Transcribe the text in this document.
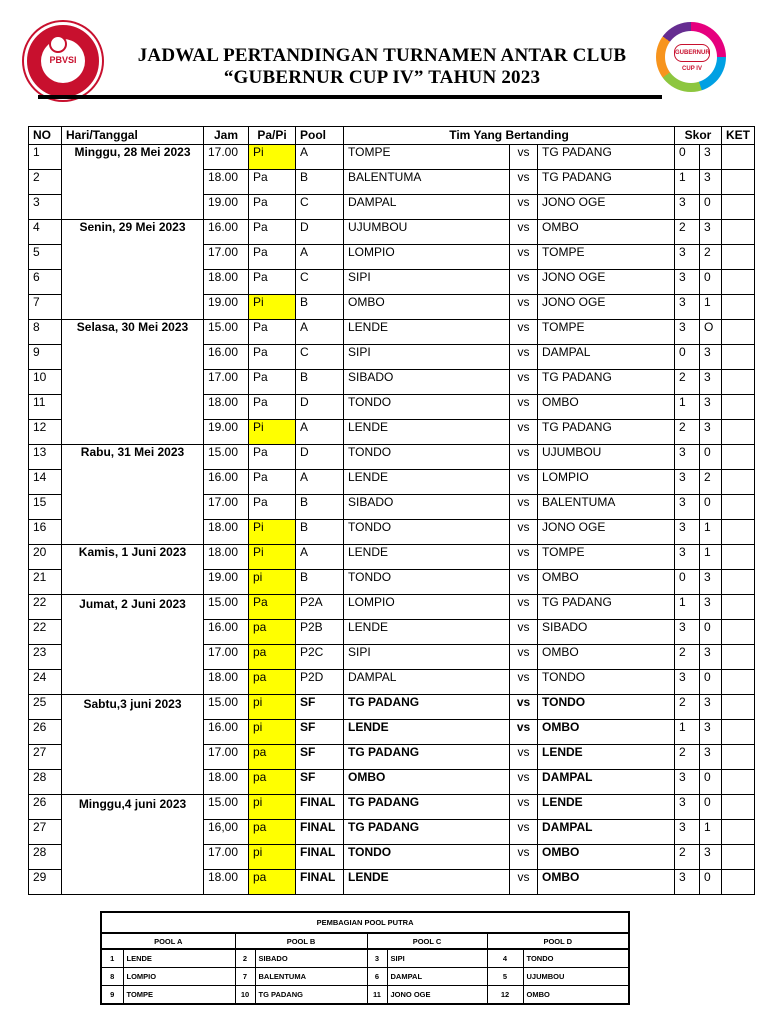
PBVSI	JADWAL PERTANDINGAN TURNAMEN ANTAR CLUB
“GUBERNUR CUP IV” TAHUN 2023
GUBERNUR CUP IV
NO	Hari/Tanggal	Jam	Pa/Pi	Pool	Tim Yang Bertanding			Skor		KET
1	Minggu, 28 Mei 2023	17.00	Pi	A	TOMPE	vs	TG PADANG	0	3	
2		18.00	Pa	B	BALENTUMA	vs	TG PADANG	1	3	
3		19.00	Pa	C	DAMPAL	vs	JONO OGE	3	0	
4	Senin, 29 Mei 2023	16.00	Pa	D	UJUMBOU	vs	OMBO	2	3	
5		17.00	Pa	A	LOMPIO	vs	TOMPE	3	2	
6		18.00	Pa	C	SIPI	vs	JONO OGE	3	0	
7		19.00	Pi	B	OMBO	vs	JONO OGE	3	1	
8	Selasa, 30 Mei 2023	15.00	Pa	A	LENDE	vs	TOMPE	3	O	
9		16.00	Pa	C	SIPI	vs	DAMPAL	0	3	
10		17.00	Pa	B	SIBADO	vs	TG PADANG	2	3	
11		18.00	Pa	D	TONDO	vs	OMBO	1	3	
12		19.00	Pi	A	LENDE	vs	TG PADANG	2	3	
13	Rabu, 31 Mei 2023	15.00	Pa	D	TONDO	vs	UJUMBOU	3	0	
14		16.00	Pa	A	LENDE	vs	LOMPIO	3	2	
15		17.00	Pa	B	SIBADO	vs	BALENTUMA	3	0	
16		18.00	Pi	B	TONDO	vs	JONO OGE	3	1	
20	Kamis, 1 Juni 2023	18.00	Pi	A	LENDE	vs	TOMPE	3	1	
21		19.00	pi	B	TONDO	vs	OMBO	0	3	
22	Jumat, 2 Juni 2023	15.00	Pa	P2A	LOMPIO	vs	TG PADANG	1	3	
22		16.00	pa	P2B	LENDE	vs	SIBADO	3	0	
23		17.00	pa	P2C	SIPI	vs	OMBO	2	3	
24		18.00	pa	P2D	DAMPAL	vs	TONDO	3	0	
25	Sabtu,3 juni 2023	15.00	pi	SF	TG PADANG	vs	TONDO	2	3	
26		16.00	pi	SF	LENDE	vs	OMBO	1	3	
27		17.00	pa	SF	TG PADANG	vs	LENDE	2	3	
28		18.00	pa	SF	OMBO	vs	DAMPAL	3	0	
26	Minggu,4 juni 2023	15.00	pi	FINAL	TG PADANG	vs	LENDE	3	0	
27		16,00	pa	FINAL	TG PADANG	vs	DAMPAL	3	1	
28		17.00	pi	FINAL	TONDO	vs	OMBO	2	3	
29		18.00	pa	FINAL	LENDE	vs	OMBO	3	0	
PEMBAGIAN POOL PUTRA							
POOL A		POOL B		POOL C		POOL D	
1	LENDE	2	SIBADO	3	SIPI	4	TONDO
8	LOMPIO	7	BALENTUMA	6	DAMPAL	5	UJUMBOU
9	TOMPE	10	TG PADANG	11	JONO OGE	12	OMBO
